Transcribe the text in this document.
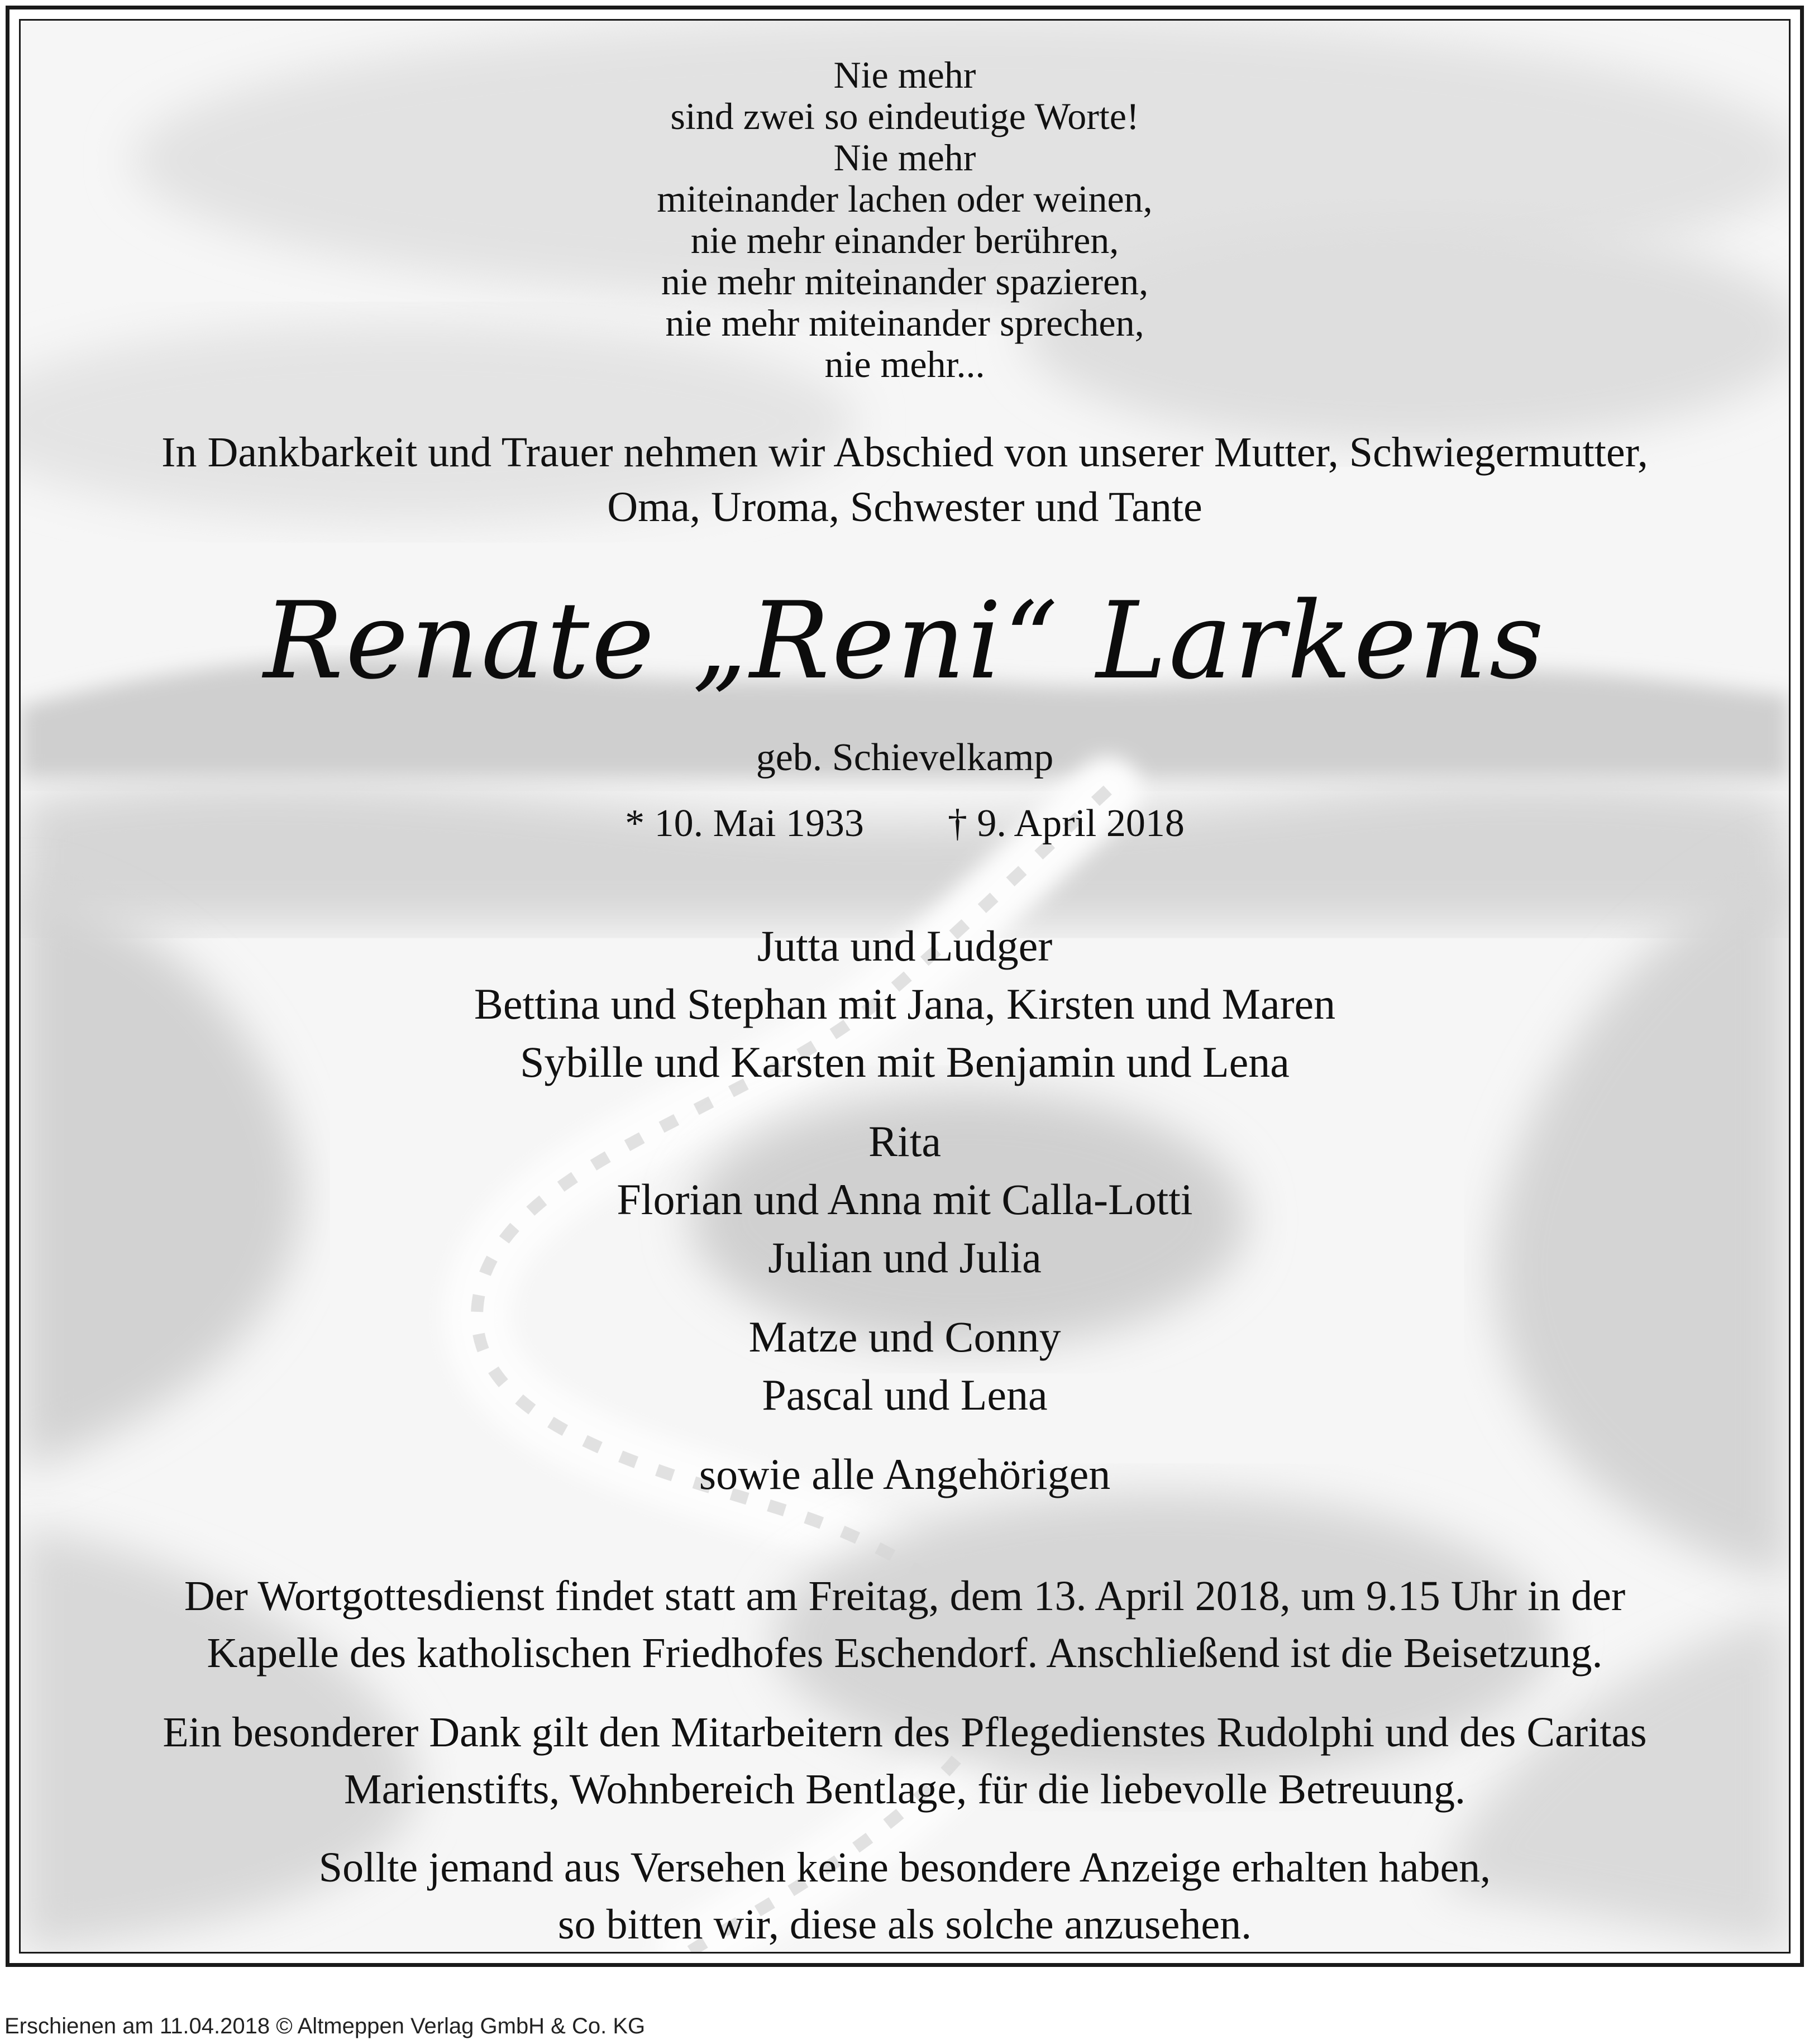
Nie mehr
sind zwei so eindeutige Worte!
Nie mehr
miteinander lachen oder weinen,
nie mehr einander berühren,
nie mehr miteinander spazieren,
nie mehr miteinander sprechen,
nie mehr...
In Dankbarkeit und Trauer nehmen wir Abschied von unserer Mutter, Schwiegermutter,
Oma, Uroma, Schwester und Tante
Renate „Reni“ Larkens
geb. Schievelkamp
* 10. Mai 1933 † 9. April 2018
Jutta und Ludger
Bettina und Stephan mit Jana, Kirsten und Maren
Sybille und Karsten mit Benjamin und Lena
Rita
Florian und Anna mit Calla-Lotti
Julian und Julia
Matze und Conny
Pascal und Lena
sowie alle Angehörigen
Der Wortgottesdienst findet statt am Freitag, dem 13. April 2018, um 9.15 Uhr in der
Kapelle des katholischen Friedhofes Eschendorf. Anschließend ist die Beisetzung.
Ein besonderer Dank gilt den Mitarbeitern des Pflegedienstes Rudolphi und des Caritas
Marienstifts, Wohnbereich Bentlage, für die liebevolle Betreuung.
Sollte jemand aus Versehen keine besondere Anzeige erhalten haben,
so bitten wir, diese als solche anzusehen.
Erschienen am 11.04.2018 © Altmeppen Verlag GmbH & Co. KG
